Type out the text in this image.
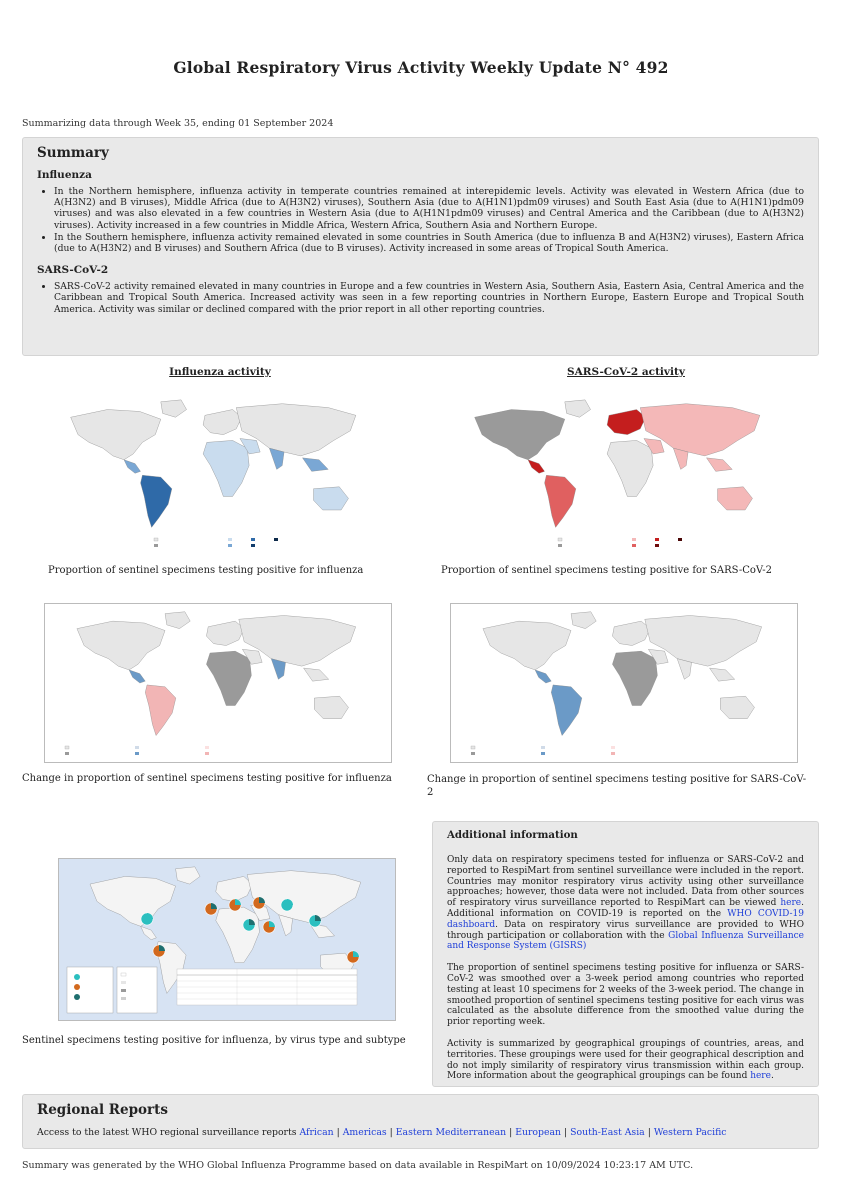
Global Respiratory Virus Activity Weekly Update N° 492
Summarizing data through Week 35, ending 01 September 2024
Summary
Influenza
• In the Northern hemisphere, influenza activity in temperate countries remained at interepidemic levels. Activity was elevated in Western Africa (due to A(H3N2) and B viruses), Middle Africa (due to A(H3N2) viruses), Southern Asia (due to A(H1N1)pdm09 viruses) and South East Asia (due to A(H1N1)pdm09 viruses) and was also elevated in a few countries in Western Asia (due to A(H1N1pdm09 viruses) and Central America and the Caribbean (due to A(H3N2) viruses). Activity increased in a few countries in Middle Africa, Western Africa, Southern Asia and Northern Europe.
• In the Southern hemisphere, influenza activity remained elevated in some countries in South America (due to influenza B and A(H3N2) viruses), Eastern Africa (due to A(H3N2) and B viruses) and Southern Africa (due to B viruses). Activity increased in some areas of Tropical South America.
SARS-CoV-2
• SARS-CoV-2 activity remained elevated in many countries in Europe and a few countries in Western Asia, Southern Asia, Eastern Asia, Central America and the Caribbean and Tropical South America. Increased activity was seen in a few reporting countries in Northern Europe, Eastern Europe and Tropical South America. Activity was similar or declined compared with the prior report in all other reporting countries.
Influenza activity	SARS-CoV-2 activity
Proportion of sentinel specimens testing positive for influenza	Proportion of sentinel specimens testing positive for SARS-CoV-2
Change in proportion of sentinel specimens testing positive for influenza	Change in proportion of sentinel specimens testing positive for SARS-CoV-2
Sentinel specimens testing positive for influenza, by virus type and subtype
Additional information

Only data on respiratory specimens tested for influenza or SARS-CoV-2 and reported to RespiMart from sentinel surveillance were included in the report. Countries may monitor respiratory virus activity using other surveillance approaches; however, those data were not included. Data from other sources of respiratory virus surveillance reported to RespiMart can be viewed here. Additional information on COVID-19 is reported on the WHO COVID-19 dashboard. Data on respiratory virus surveillance are provided to WHO through participation or collaboration with the Global Influenza Surveillance and Response System (GISRS)

The proportion of sentinel specimens testing positive for influenza or SARS-CoV-2 was smoothed over a 3-week period among countries who reported testing at least 10 specimens for 2 weeks of the 3-week period. The change in smoothed proportion of sentinel specimens testing positive for each virus was calculated as the absolute difference from the smoothed value during the prior reporting week.

Activity is summarized by geographical groupings of countries, areas, and territories. These groupings were used for their geographical description and do not imply similarity of respiratory virus transmission within each group. More information about the geographical groupings can be found here.

Regional Reports
Access to the latest WHO regional surveillance reports African | Americas | Eastern Mediterranean | European | South-East Asia | Western Pacific
Summary was generated by the WHO Global Influenza Programme based on data available in RespiMart on 10/09/2024 10:23:17 AM UTC.
